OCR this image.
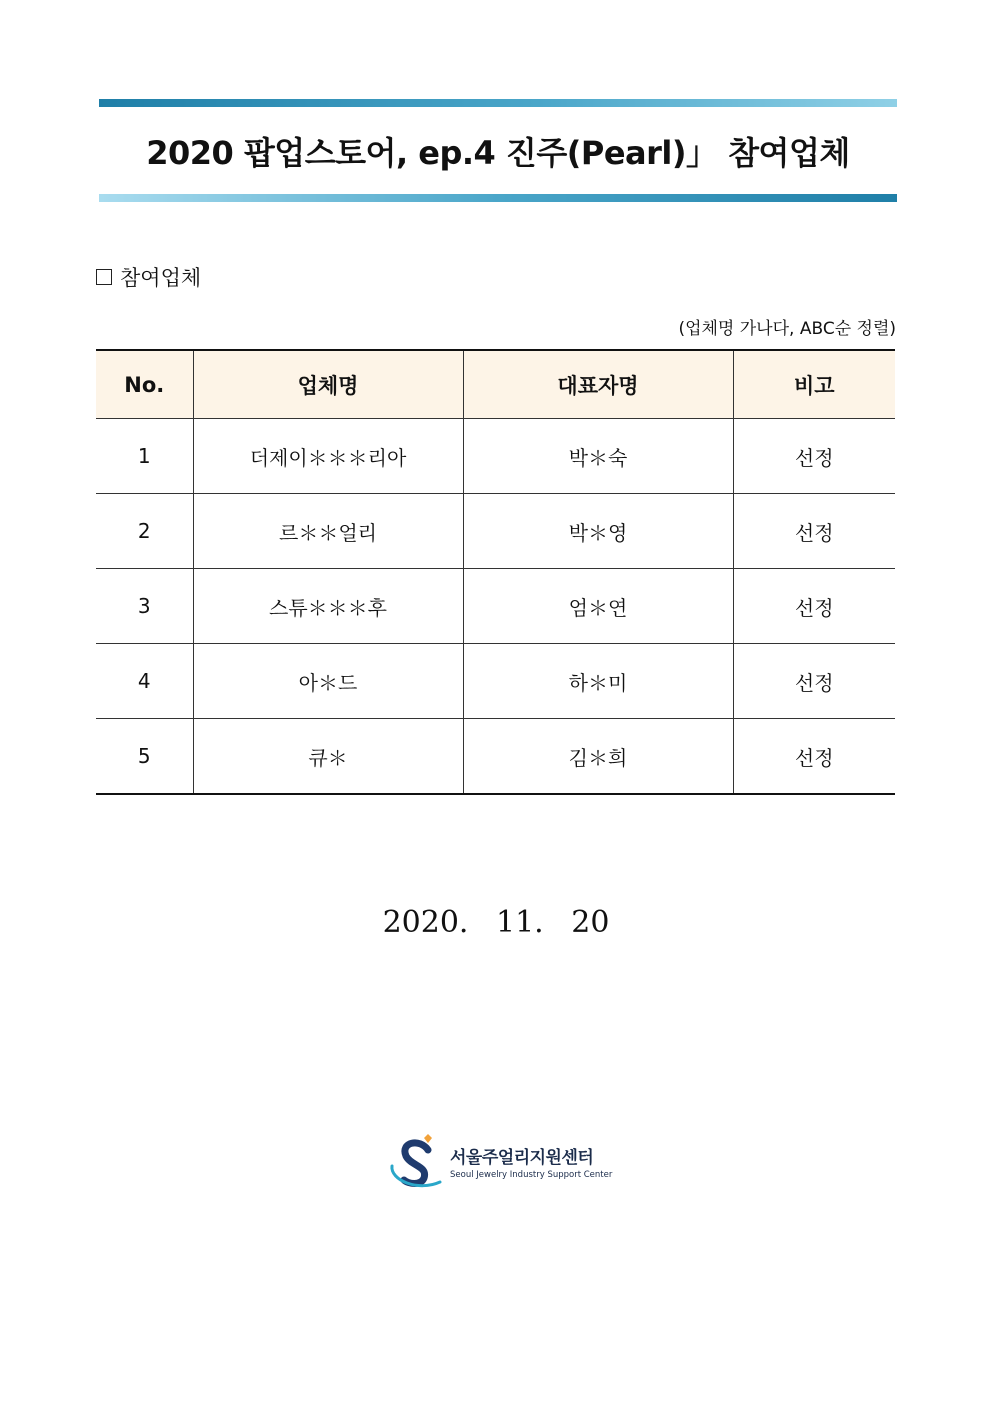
2020 팝업스토어, ep.4 진주(Pearl)」 참여업체
참여업체
(업체명 가나다, ABC순 정렬)
No.	업체명	대표자명	비고
1	더제이＊＊＊리아	박＊숙	선정
2	르＊＊얼리	박＊영	선정
3	스튜＊＊＊후	엄＊연	선정
4	아＊드	하＊미	선정
5	큐＊	김＊희	선정
2020. 11. 20
서울주얼리지원센터
Seoul Jewelry Industry Support Center
